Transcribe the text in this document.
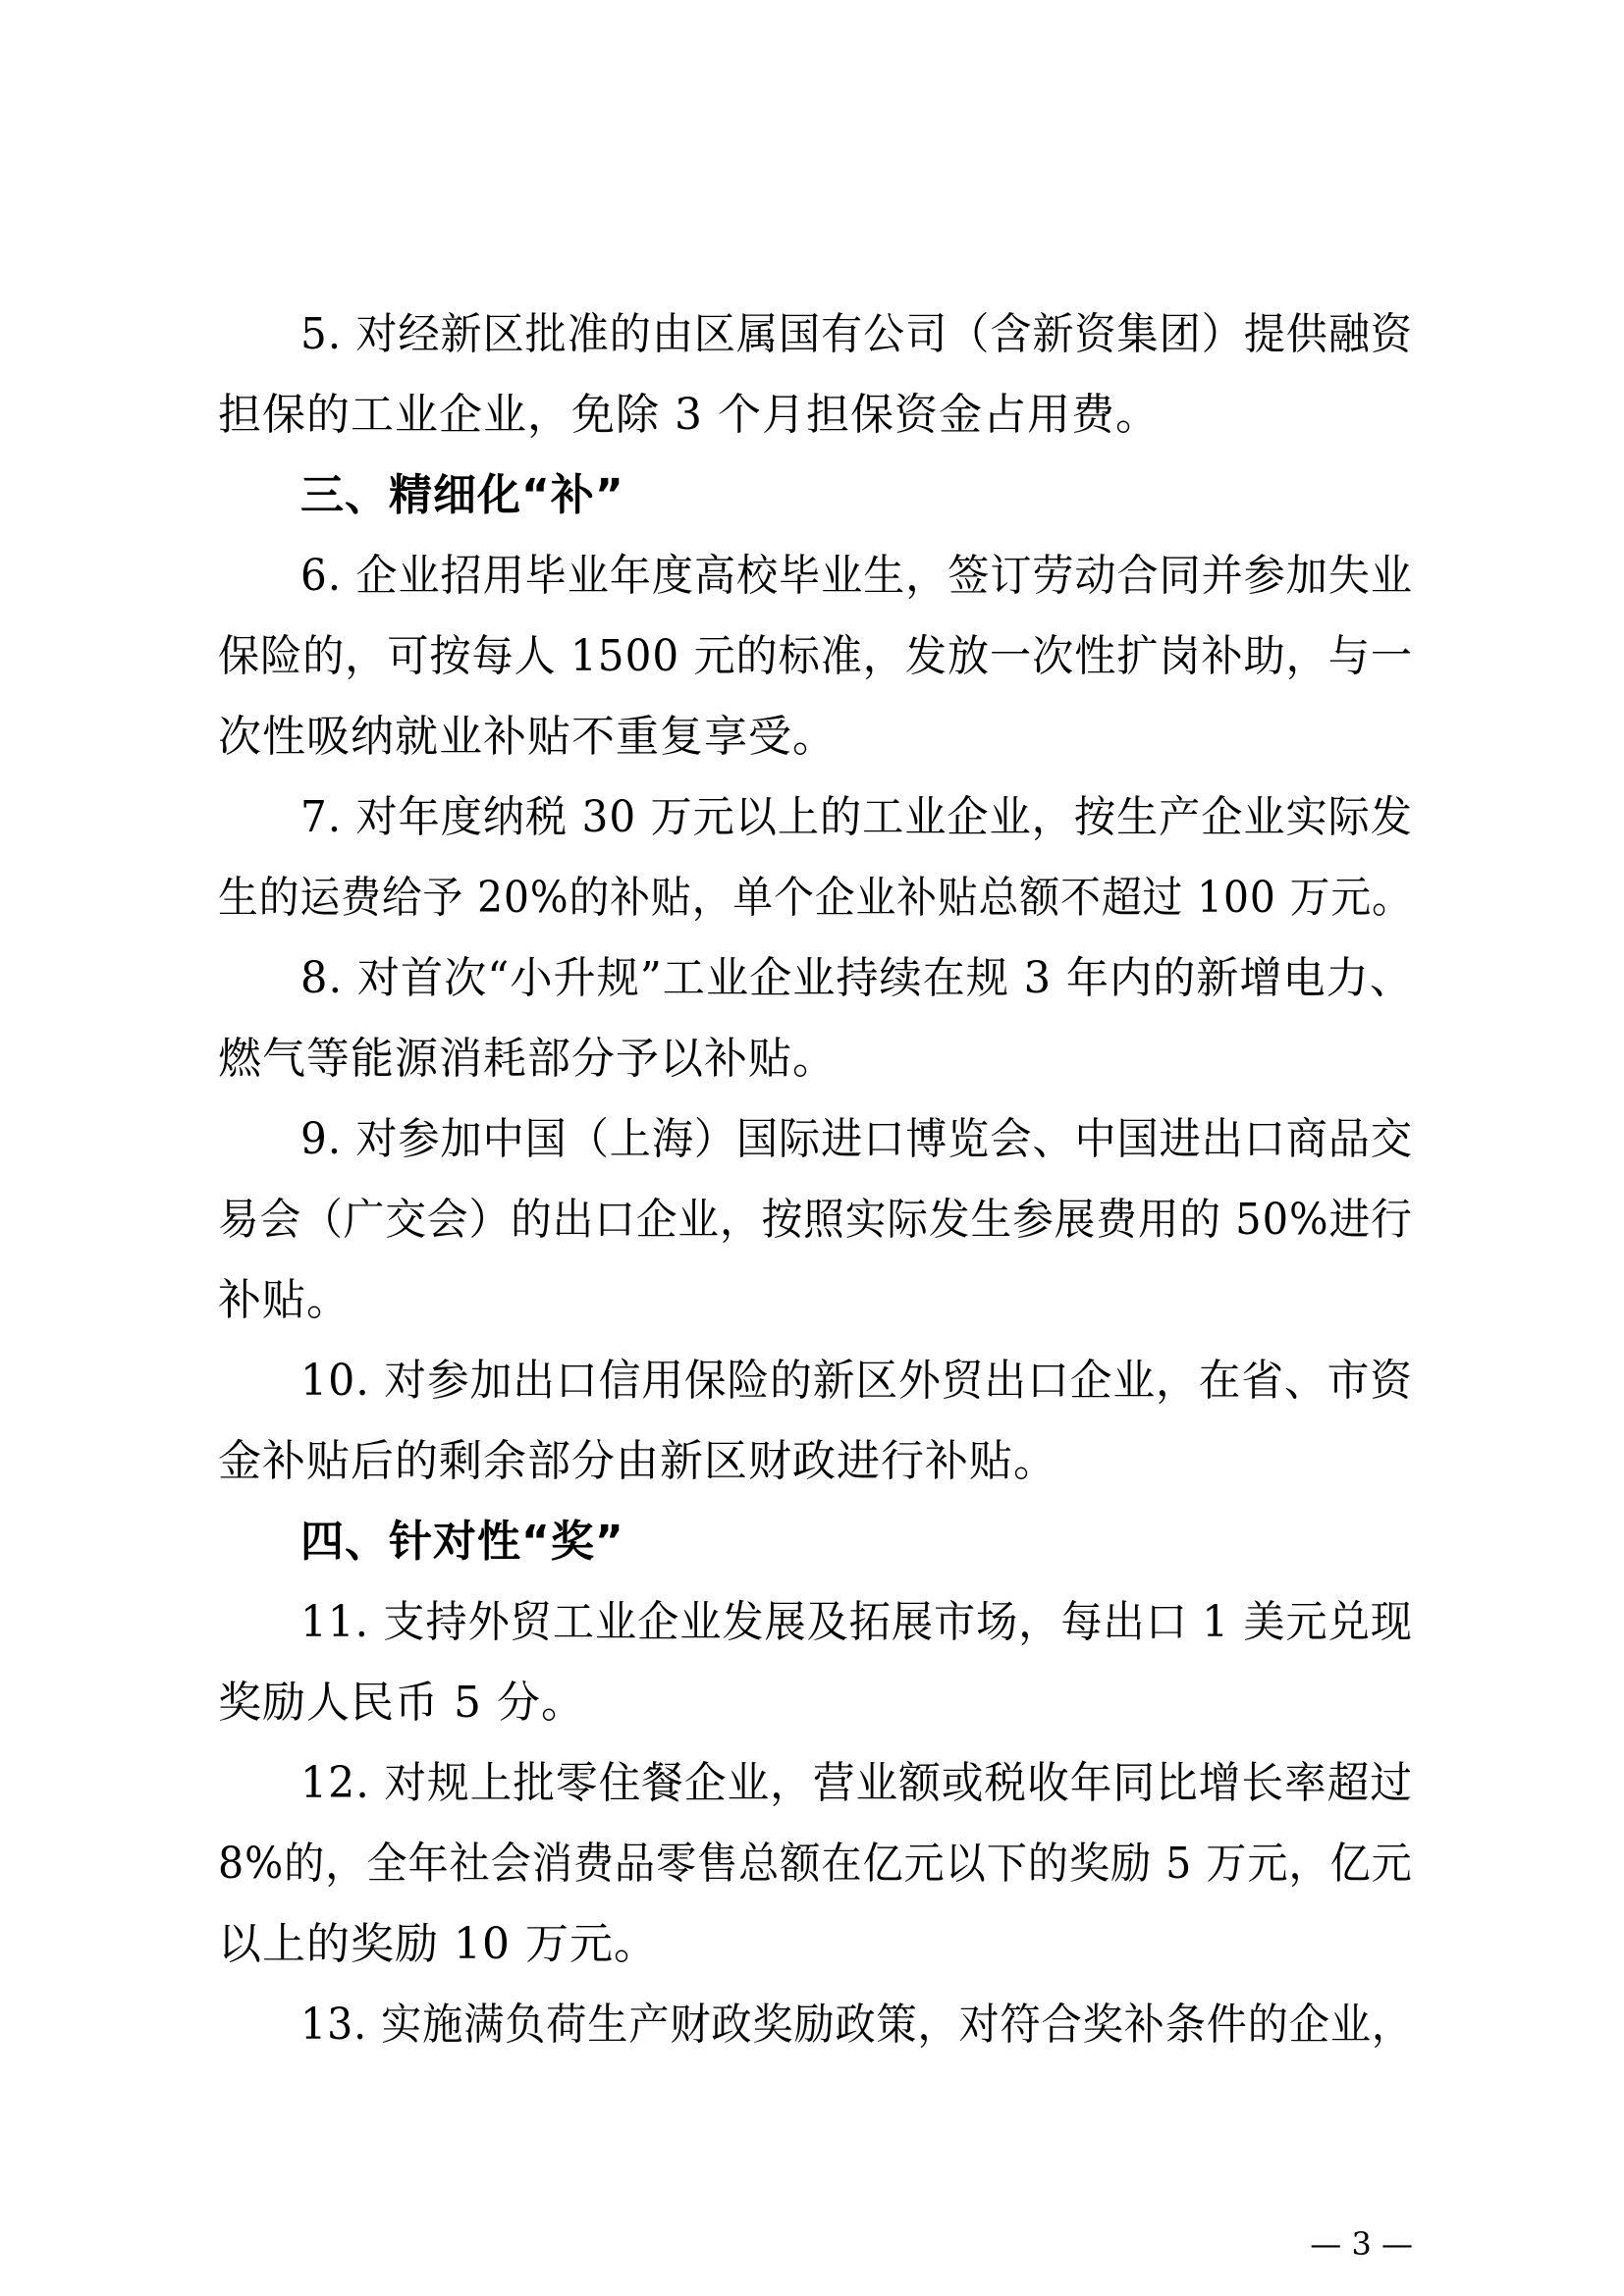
5. 对经新区批准的由区属国有公司（含新资集团）提供融资
担保的工业企业，免除 3 个月担保资金占用费。
三、精细化“补”
6. 企业招用毕业年度高校毕业生，签订劳动合同并参加失业
保险的，可按每人 1500 元的标准，发放一次性扩岗补助，与一
次性吸纳就业补贴不重复享受。
7. 对年度纳税 30 万元以上的工业企业，按生产企业实际发
生的运费给予 20%的补贴，单个企业补贴总额不超过 100 万元。
8. 对首次“小升规”工业企业持续在规 3 年内的新增电力、
燃气等能源消耗部分予以补贴。
9. 对参加中国（上海）国际进口博览会、中国进出口商品交
易会（广交会）的出口企业，按照实际发生参展费用的 50%进行
补贴。
10. 对参加出口信用保险的新区外贸出口企业，在省、市资
金补贴后的剩余部分由新区财政进行补贴。
四、针对性“奖”
11. 支持外贸工业企业发展及拓展市场，每出口 1 美元兑现
奖励人民币 5 分。
12. 对规上批零住餐企业，营业额或税收年同比增长率超过
8%的，全年社会消费品零售总额在亿元以下的奖励 5 万元，亿元
以上的奖励 10 万元。
13. 实施满负荷生产财政奖励政策，对符合奖补条件的企业，
— 3 —
